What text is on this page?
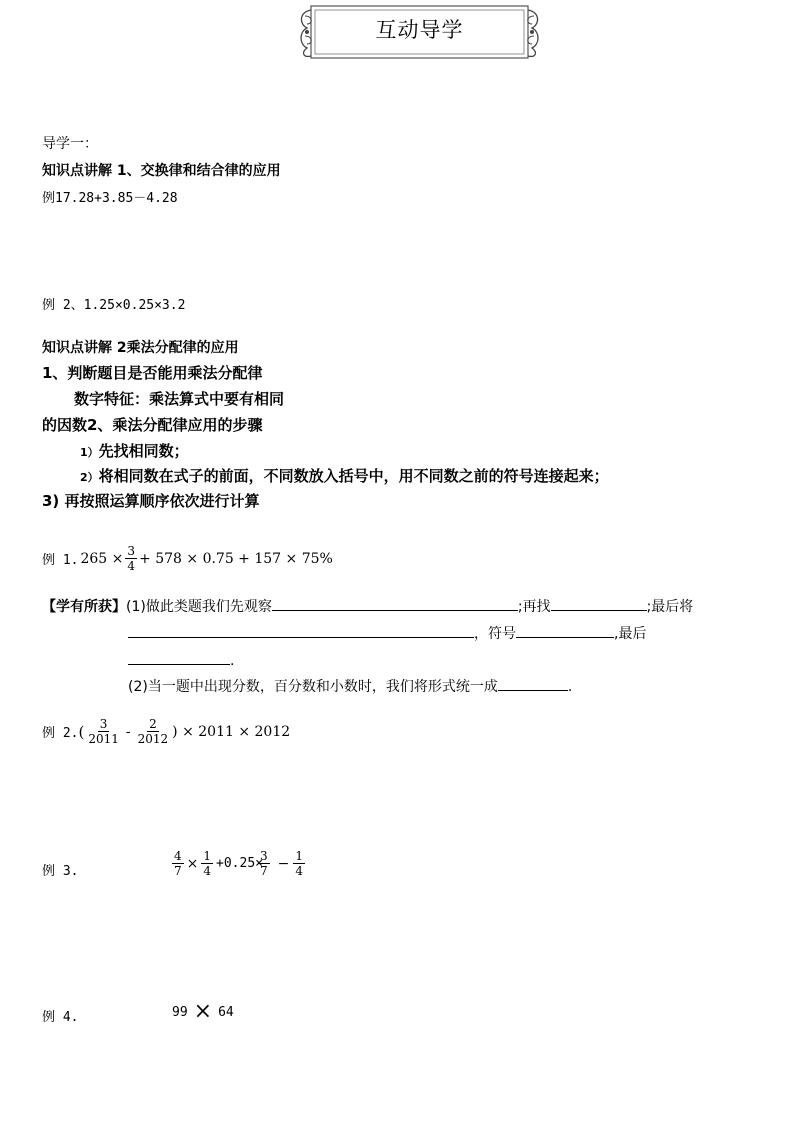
互动导学
导学一：
知识点讲解 1、交换律和结合律的应用
例17.28+3.85－4.28
例 2、1.25×0.25×3.2
知识点讲解 2乘法分配律的应用
1、判断题目是否能用乘法分配律
数字特征：乘法算式中要有相同
的因数2、乘法分配律应用的步骤
1）先找相同数；
2）将相同数在式子的前面，不同数放入括号中，用不同数之前的符号连接起来；
3) 再按照运算顺序依次进行计算
例 1. $265 \times \frac{3}{4} + 578 \times 0.75 + 157 \times 75\%$
【学有所获】(1)做此类题我们先观察	;再找	;最后将
，符号	,最后
.
(2)当一题中出现分数，百分数和小数时，我们将形式统一成	.
例 2. ( $\frac{3}{2011} - \frac{2}{2012}$ ) × 2011 × 2012
例 3.	$\frac{4}{7} \times \frac{1}{4} +0.25\times$
$\frac{3}{7} - \frac{1}{4}$
例 4.	99 × 64
